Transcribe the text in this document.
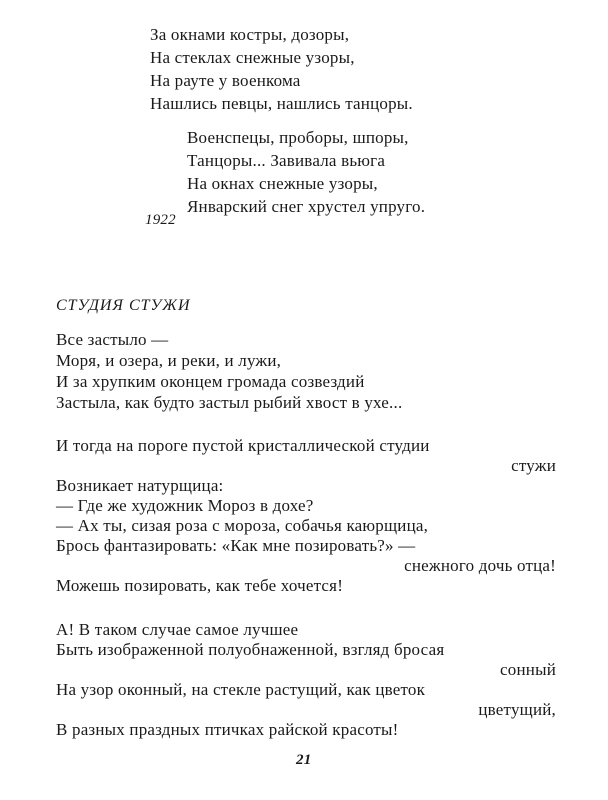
За окнами костры, дозоры,
На стеклах снежные узоры,
На рауте у военкома
Нашлись певцы, нашлись танцоры.
Военспецы, проборы, шпоры,
Танцоры... Завивала вьюга
На окнах снежные узоры,
Январский снег хрустел упруго.
1922
СТУДИЯ СТУЖИ
Все застыло —
Моря, и озера, и реки, и лужи,
И за хрупким оконцем громада созвездий
Застыла, как будто застыл рыбий хвост в ухе...
И тогда на пороге пустой кристаллической студии
стужи
Возникает натурщица:
— Где же художник Мороз в дохе?
— Ах ты, сизая роза с мороза, собачья каюрщица,
Брось фантазировать: «Как мне позировать?» —
снежного дочь отца!
Можешь позировать, как тебе хочется!
А! В таком случае самое лучшее
Быть изображенной полуобнаженной, взгляд бросая
сонный
На узор оконный, на стекле растущий, как цветок
цветущий,
В разных праздных птичках райской красоты!
21
